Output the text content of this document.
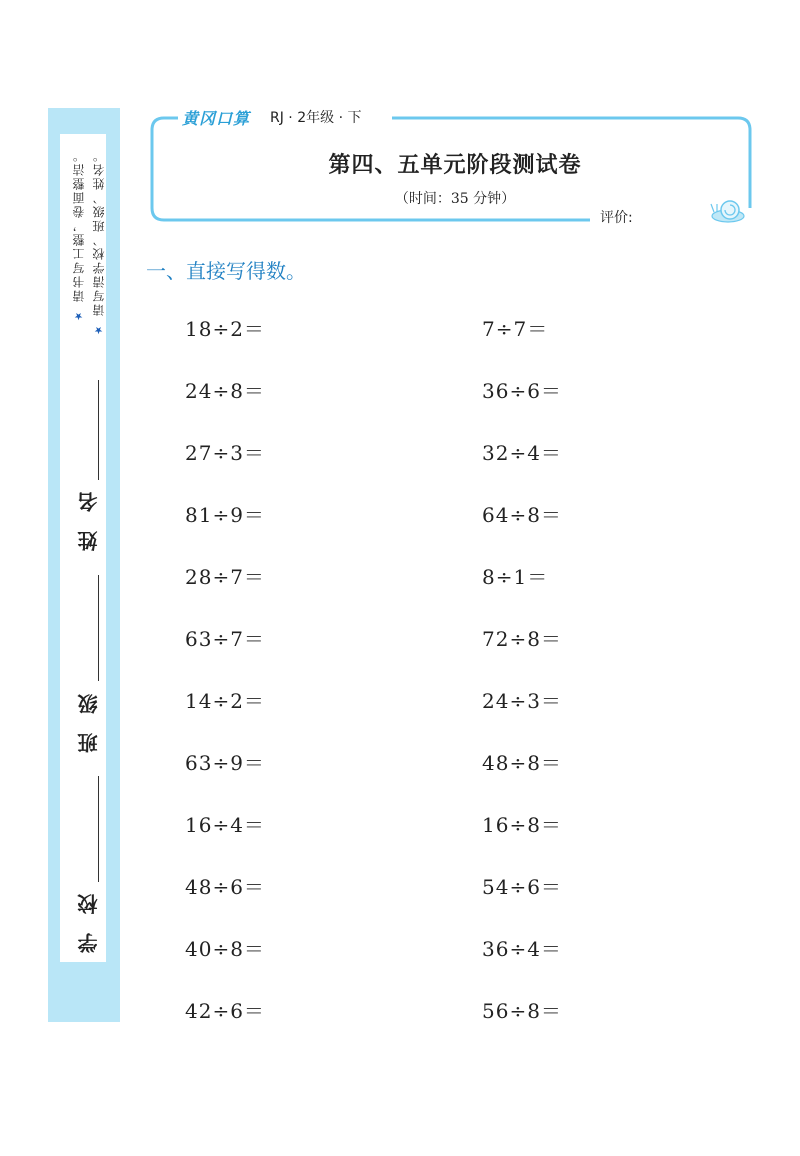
★ 请写清学校、班级、姓名。
★ 请书写工整，卷面整洁。
姓 名
班 级
学 校
黄冈口算 RJ · 2年级 · 下
第四、五单元阶段测试卷
（时间：35 分钟）
评价:
一、直接写得数。
18÷2＝
24÷8＝
27÷3＝
81÷9＝
28÷7＝
63÷7＝
14÷2＝
63÷9＝
16÷4＝
48÷6＝
40÷8＝
42÷6＝
7÷7＝
36÷6＝
32÷4＝
64÷8＝
8÷1＝
72÷8＝
24÷3＝
48÷8＝
16÷8＝
54÷6＝
36÷4＝
56÷8＝
